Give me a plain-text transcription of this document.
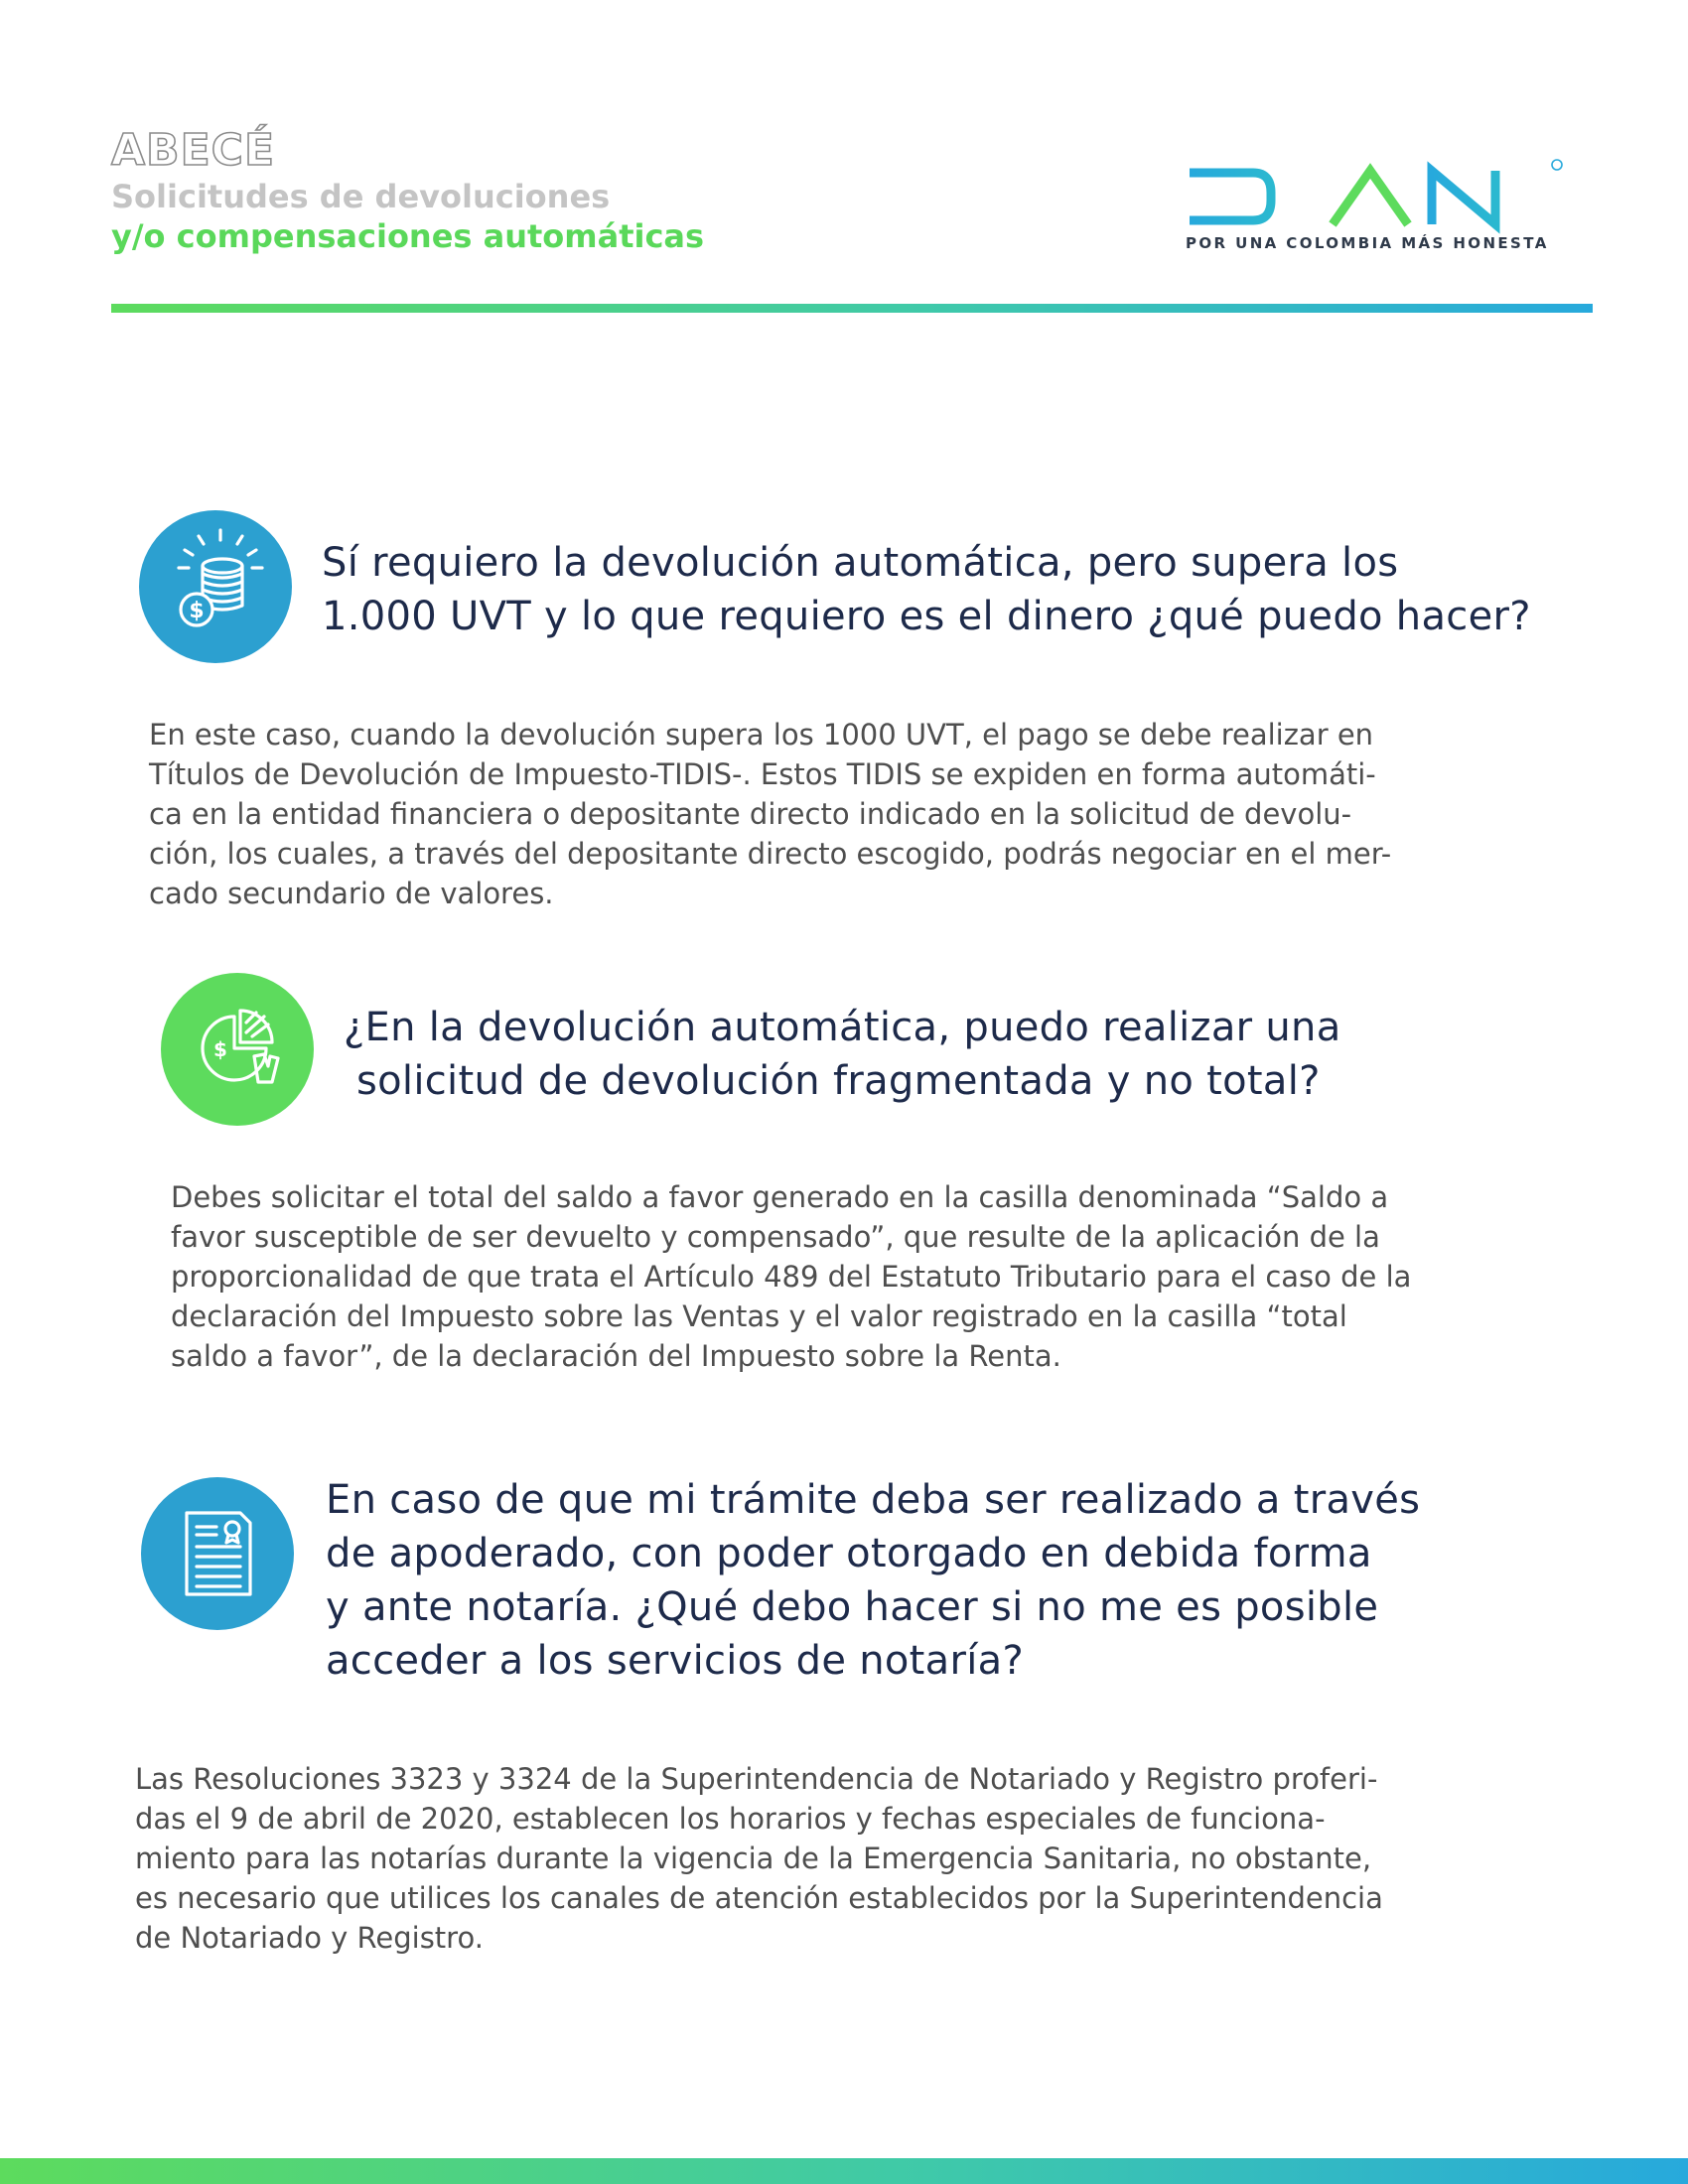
ABECÉ
Solicitudes de devoluciones
y/o compensaciones automáticas	POR UNA COLOMBIA MÁS HONESTA
$
Sí requiero la devolución automática, pero supera los
1.000 UVT y lo que requiero es el dinero ¿qué puedo hacer?
En este caso, cuando la devolución supera los 1000 UVT, el pago se debe realizar en
Títulos de Devolución de Impuesto-TIDIS-. Estos TIDIS se expiden en forma automáti-
ca en la entidad financiera o depositante directo indicado en la solicitud de devolu-
ción, los cuales, a través del depositante directo escogido, podrás negociar en el mer-
cado secundario de valores.
$	¿En la devolución automática, puedo realizar una
solicitud de devolución fragmentada y no total?
Debes solicitar el total del saldo a favor generado en la casilla denominada “Saldo a
favor susceptible de ser devuelto y compensado”, que resulte de la aplicación de la
proporcionalidad de que trata el Artículo 489 del Estatuto Tributario para el caso de la
declaración del Impuesto sobre las Ventas y el valor registrado en la casilla “total
saldo a favor”, de la declaración del Impuesto sobre la Renta.
En caso de que mi trámite deba ser realizado a través
de apoderado, con poder otorgado en debida forma
y ante notaría. ¿Qué debo hacer si no me es posible
acceder a los servicios de notaría?
Las Resoluciones 3323 y 3324 de la Superintendencia de Notariado y Registro proferi-
das el 9 de abril de 2020, establecen los horarios y fechas especiales de funciona-
miento para las notarías durante la vigencia de la Emergencia Sanitaria, no obstante,
es necesario que utilices los canales de atención establecidos por la Superintendencia
de Notariado y Registro.
